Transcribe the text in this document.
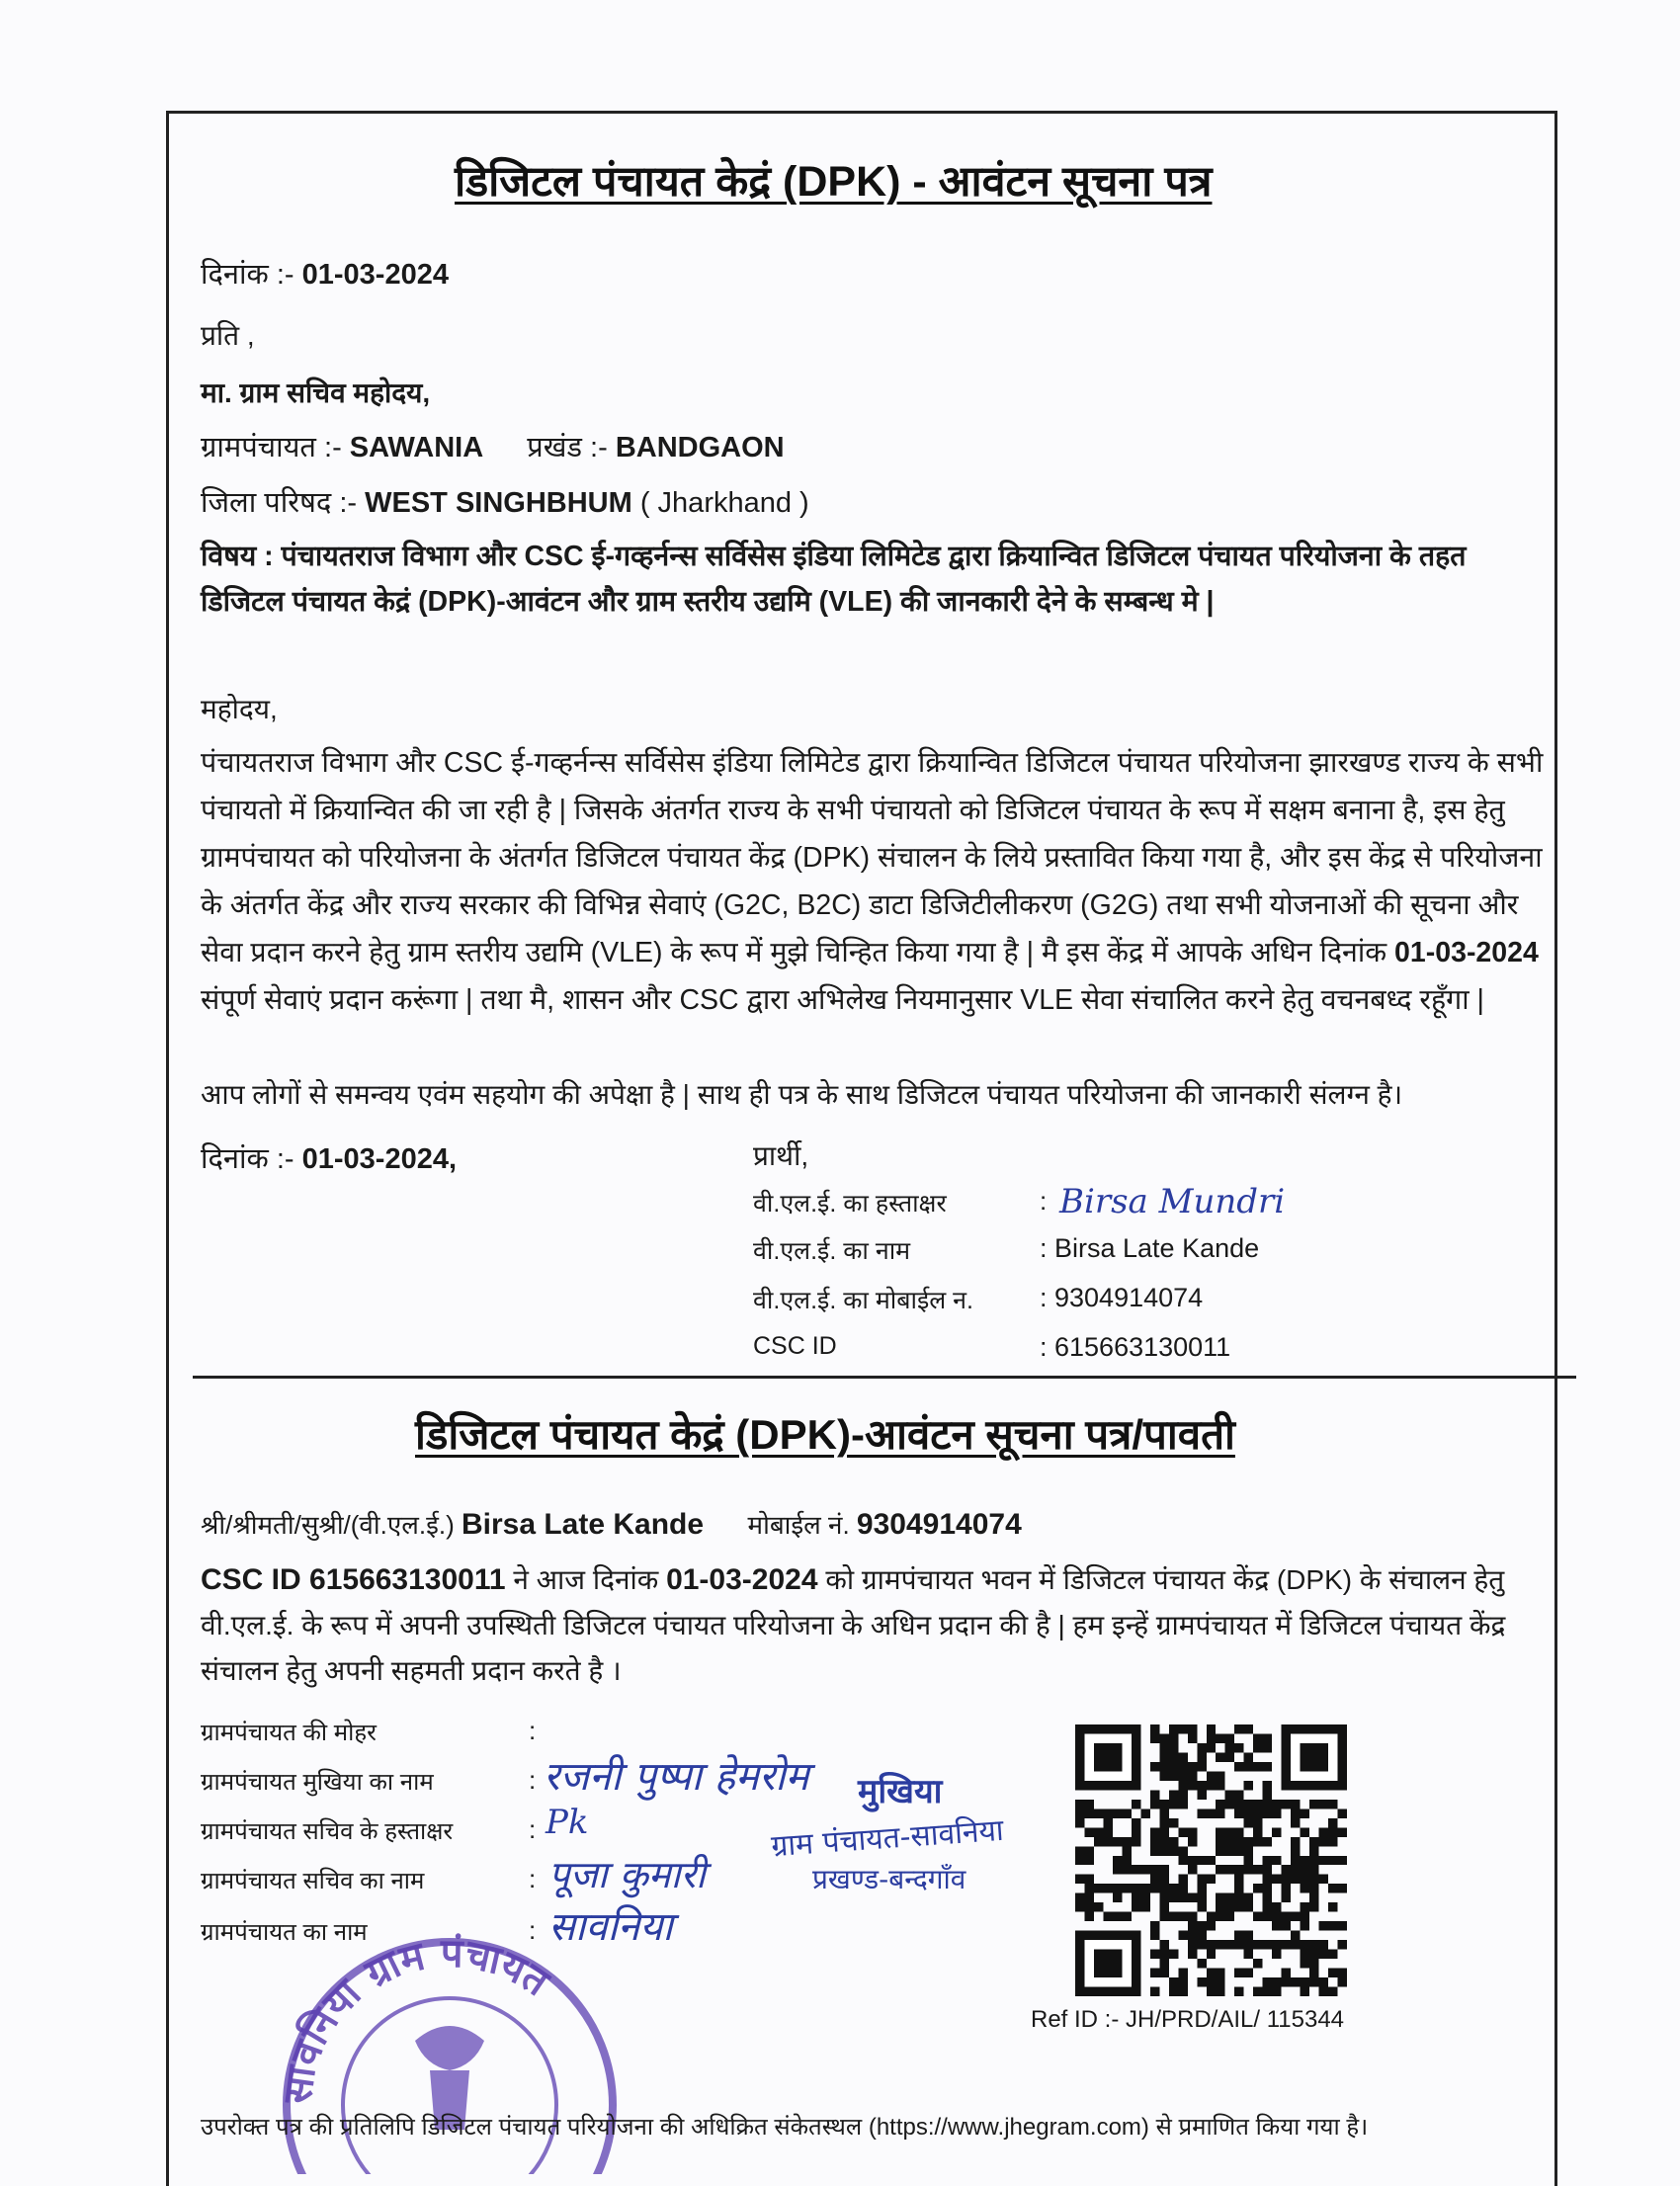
डिजिटल पंचायत केद्रं (DPK) - आवंटन सूचना पत्र
दिनांक :- 01-03-2024
प्रति ,
मा. ग्राम सचिव महोदय,
ग्रामपंचायत :- SAWANIA प्रखंड :- BANDGAON
जिला परिषद :- WEST SINGHBHUM ( Jharkhand )
विषय : पंचायतराज विभाग और CSC ई-गव्हर्नन्स सर्विसेस इंडिया लिमिटेड द्वारा क्रियान्वित डिजिटल पंचायत परियोजना के तहत डिजिटल पंचायत केद्रं (DPK)-आवंटन और ग्राम स्तरीय उद्यमि (VLE) की जानकारी देने के सम्बन्ध मे |
महोदय,
पंचायतराज विभाग और CSC ई-गव्हर्नन्स सर्विसेस इंडिया लिमिटेड द्वारा क्रियान्वित डिजिटल पंचायत परियोजना झारखण्ड राज्य के सभी पंचायतो में क्रियान्वित की जा रही है | जिसके अंतर्गत राज्य के सभी पंचायतो को डिजिटल पंचायत के रूप में सक्षम बनाना है, इस हेतु ग्रामपंचायत को परियोजना के अंतर्गत डिजिटल पंचायत केंद्र (DPK) संचालन के लिये प्रस्तावित किया गया है, और इस केंद्र से परियोजना के अंतर्गत केंद्र और राज्य सरकार की विभिन्न सेवाएं (G2C, B2C) डाटा डिजिटीलीकरण (G2G) तथा सभी योजनाओं की सूचना और सेवा प्रदान करने हेतु ग्राम स्तरीय उद्यमि (VLE) के रूप में मुझे चिन्हित किया गया है | मै इस केंद्र में आपके अधिन दिनांक 01-03-2024 संपूर्ण सेवाएं प्रदान करूंगा | तथा मै, शासन और CSC द्वारा अभिलेख नियमानुसार VLE सेवा संचालित करने हेतु वचनबध्द रहूँगा |
आप लोगों से समन्वय एवंम सहयोग की अपेक्षा है | साथ ही पत्र के साथ डिजिटल पंचायत परियोजना की जानकारी संलग्न है।
दिनांक :- 01-03-2024,	प्रार्थी,
वी.एल.ई. का हस्ताक्षर	: Birsa Mundri
वी.एल.ई. का नाम	: Birsa Late Kande
वी.एल.ई. का मोबाईल न. : 9304914074
CSC ID	: 615663130011
डिजिटल पंचायत केद्रं (DPK)-आवंटन सूचना पत्र/पावती
श्री/श्रीमती/सुश्री/(वी.एल.ई.) Birsa Late Kande मोबाईल नं. 9304914074
CSC ID 615663130011 ने आज दिनांक 01-03-2024 को ग्रामपंचायत भवन में डिजिटल पंचायत केंद्र (DPK) के संचालन हेतु वी.एल.ई. के रूप में अपनी उपस्थिती डिजिटल पंचायत परियोजना के अधिन प्रदान की है | हम इन्हें ग्रामपंचायत में डिजिटल पंचायत केंद्र संचालन हेतु अपनी सहमती प्रदान करते है ।
ग्रामपंचायत की मोहर	:
ग्रामपंचायत मुखिया का नाम	: रजनी पुष्पा हेमरोम
ग्रामपंचायत सचिव के हस्ताक्षर	: Pk
ग्रामपंचायत सचिव का नाम	: पूजा कुमारी
ग्रामपंचायत का नाम	: सावनिया
मुखिया
ग्राम पंचायत-सावनिया
प्रखण्ड-बन्दगाँव
सावनिया ग्राम पंचायत
Ref ID :- JH/PRD/AIL/ 115344
उपरोक्त पत्र की प्रतिलिपि डिजिटल पंचायत परियोजना की अधिक्रित संकेतस्थल (https://www.jhegram.com) से प्रमाणित किया गया है।
